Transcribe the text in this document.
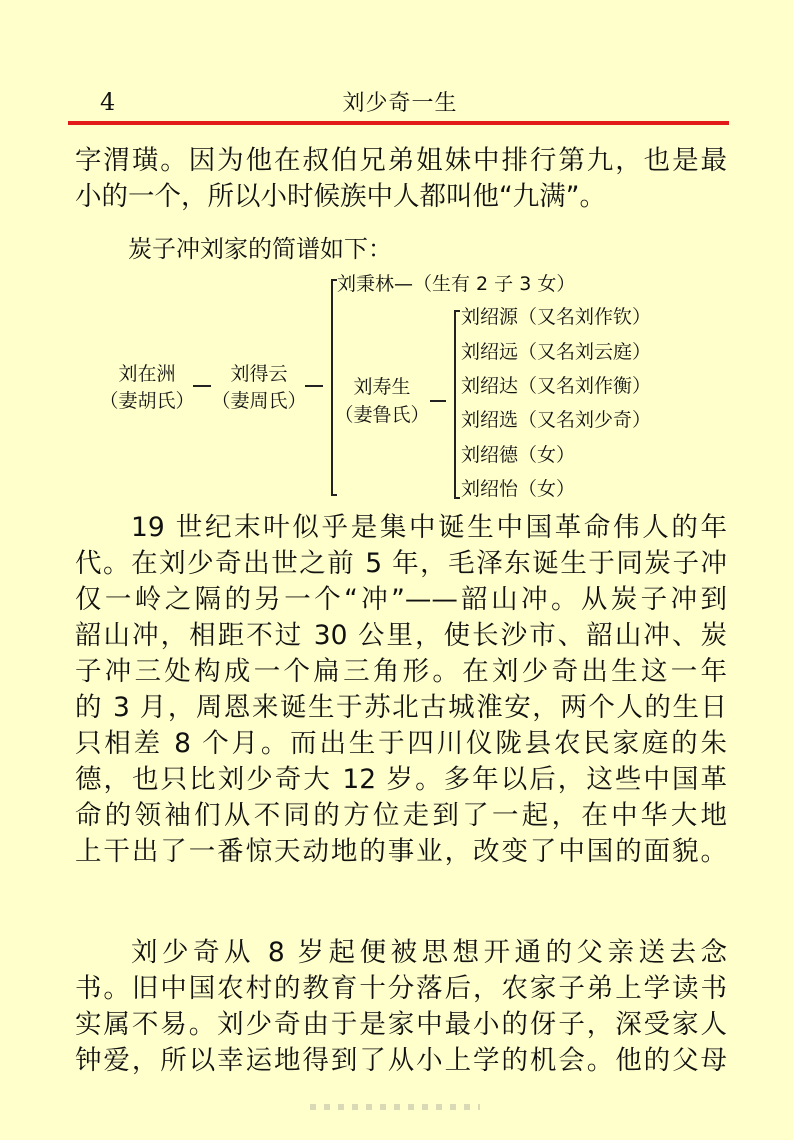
4	刘少奇一生
字渭璜。因为他在叔伯兄弟姐妹中排行第九，也是最
小的一个，所以小时候族中人都叫他“九满”。
炭子冲刘家的简谱如下：
刘在洲
（妻胡氏）
刘得云
（妻周氏）
刘秉林—（生有 2 子 3 女）
刘寿生
（妻鲁氏）
刘绍源（又名刘作钦）
刘绍远（又名刘云庭）
刘绍达（又名刘作衡）
刘绍选（又名刘少奇）
刘绍德（女）
刘绍怡（女）
19 世纪末叶似乎是集中诞生中国革命伟人的年
代。在刘少奇出世之前 5 年，毛泽东诞生于同炭子冲
仅一岭之隔的另一个“冲”——韶山冲。从炭子冲到
韶山冲，相距不过 30 公里，使长沙市、韶山冲、炭
子冲三处构成一个扁三角形。在刘少奇出生这一年
的 3 月，周恩来诞生于苏北古城淮安，两个人的生日
只相差 8 个月。而出生于四川仪陇县农民家庭的朱
德，也只比刘少奇大 12 岁。多年以后，这些中国革
命的领袖们从不同的方位走到了一起，在中华大地
上干出了一番惊天动地的事业，改变了中国的面貌。
刘少奇从 8 岁起便被思想开通的父亲送去念
书。旧中国农村的教育十分落后，农家子弟上学读书
实属不易。刘少奇由于是家中最小的伢子，深受家人
钟爱，所以幸运地得到了从小上学的机会。他的父母
